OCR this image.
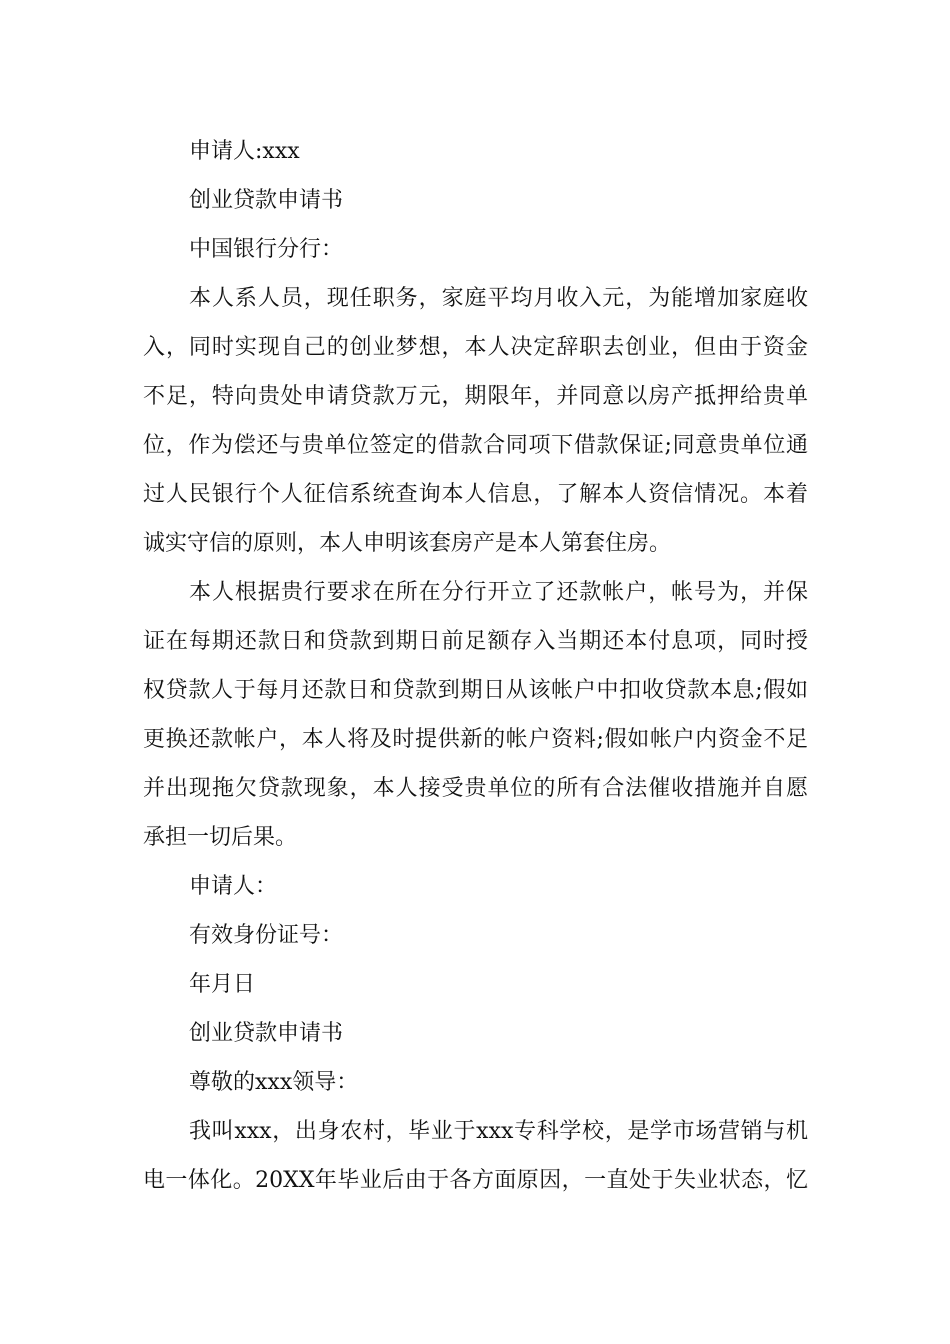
申请人:xxx
创业贷款申请书
中国银行分行：
本人系人员，现任职务，家庭平均月收入元，为能增加家庭收
入，同时实现自己的创业梦想，本人决定辞职去创业，但由于资金
不足，特向贵处申请贷款万元，期限年，并同意以房产抵押给贵单
位，作为偿还与贵单位签定的借款合同项下借款保证;同意贵单位通
过人民银行个人征信系统查询本人信息，了解本人资信情况。本着
诚实守信的原则，本人申明该套房产是本人第套住房。
本人根据贵行要求在所在分行开立了还款帐户，帐号为，并保
证在每期还款日和贷款到期日前足额存入当期还本付息项，同时授
权贷款人于每月还款日和贷款到期日从该帐户中扣收贷款本息;假如
更换还款帐户，本人将及时提供新的帐户资料;假如帐户内资金不足
并出现拖欠贷款现象，本人接受贵单位的所有合法催收措施并自愿
承担一切后果。
申请人：
有效身份证号：
年月日
创业贷款申请书
尊敬的xxx领导：
我叫xxx，出身农村，毕业于xxx专科学校，是学市场营销与机
电一体化。20XX年毕业后由于各方面原因，一直处于失业状态，忆
